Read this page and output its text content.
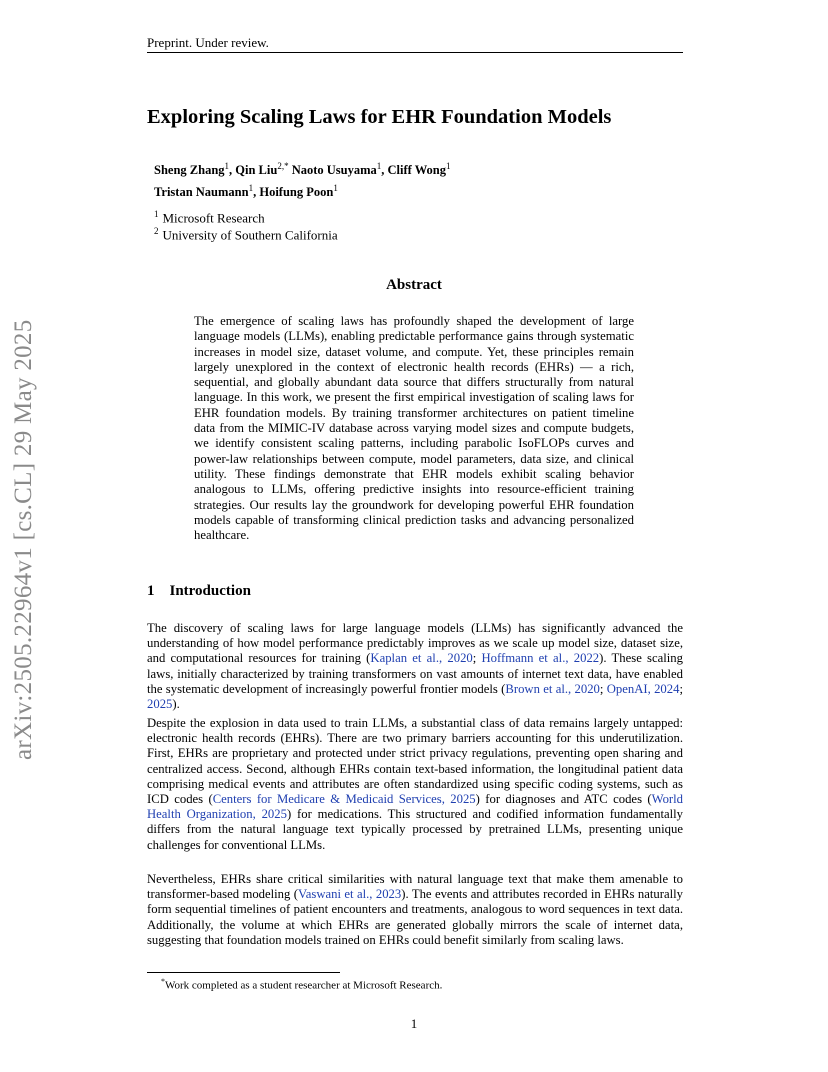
arXiv:2505.22964v1 [cs.CL] 29 May 2025
Preprint. Under review.
Exploring Scaling Laws for EHR Foundation Models
Sheng Zhang$^1$, Qin Liu$^{2,*}$ Naoto Usuyama$^1$, Cliff Wong$^1$
Tristan Naumann$^1$, Hoifung Poon$^1$
$^1$ Microsoft Research
$^2$ University of Southern California
Abstract
The emergence of scaling laws has profoundly shaped the development of large language models (LLMs), enabling predictable performance gains through systematic increases in model size, dataset volume, and compute. Yet, these principles remain largely unexplored in the context of electronic health records (EHRs) — a rich, sequential, and globally abundant data source that differs structurally from natural language. In this work, we present the first empirical investigation of scaling laws for EHR foundation models. By training transformer architectures on patient timeline data from the MIMIC-IV database across varying model sizes and compute budgets, we identify consistent scaling patterns, including parabolic IsoFLOPs curves and power-law relationships between compute, model parameters, data size, and clinical utility. These findings demonstrate that EHR models exhibit scaling behavior analogous to LLMs, offering predictive insights into resource-efficient training strategies. Our results lay the groundwork for developing powerful EHR foundation models capable of transforming clinical prediction tasks and advancing personalized healthcare.
1 Introduction
The discovery of scaling laws for large language models (LLMs) has significantly advanced the understanding of how model performance predictably improves as we scale up model size, dataset size, and computational resources for training (Kaplan et al., 2020; Hoffmann et al., 2022). These scaling laws, initially characterized by training transformers on vast amounts of internet text data, have enabled the systematic development of increasingly powerful frontier models (Brown et al., 2020; OpenAI, 2024; 2025).
Despite the explosion in data used to train LLMs, a substantial class of data remains largely untapped: electronic health records (EHRs). There are two primary barriers accounting for this underutilization. First, EHRs are proprietary and protected under strict privacy regulations, preventing open sharing and centralized access. Second, although EHRs contain text-based information, the longitudinal patient data comprising medical events and attributes are often standardized using specific coding systems, such as ICD codes (Centers for Medicare & Medicaid Services, 2025) for diagnoses and ATC codes (World Health Organization, 2025) for medications. This structured and codified information fundamentally differs from the natural language text typically processed by pretrained LLMs, presenting unique challenges for conventional LLMs.
Nevertheless, EHRs share critical similarities with natural language text that make them amenable to transformer-based modeling (Vaswani et al., 2023). The events and attributes recorded in EHRs naturally form sequential timelines of patient encounters and treatments, analogous to word sequences in text data. Additionally, the volume at which EHRs are generated globally mirrors the scale of internet data, suggesting that foundation models trained on EHRs could benefit similarly from scaling laws.
*Work completed as a student researcher at Microsoft Research.
1
